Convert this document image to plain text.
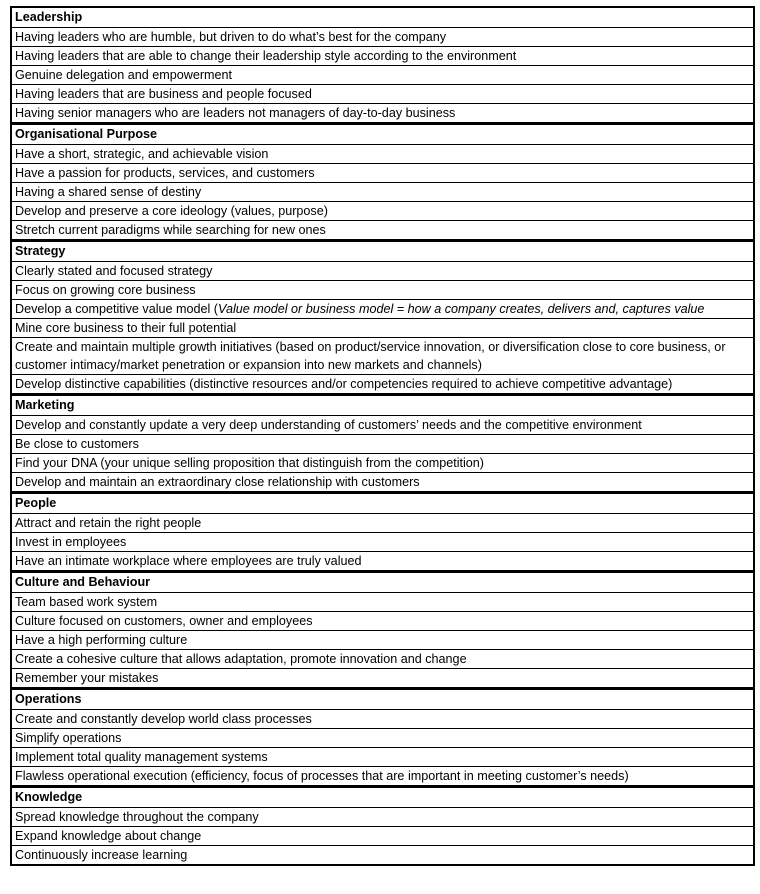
Leadership
Having leaders who are humble, but driven to do what’s best for the company
Having leaders that are able to change their leadership style according to the environment
Genuine delegation and empowerment
Having leaders that are business and people focused
Having senior managers who are leaders not managers of day-to-day business
Organisational Purpose
Have a short, strategic, and achievable vision
Have a passion for products, services, and customers
Having a shared sense of destiny
Develop and preserve a core ideology (values, purpose)
Stretch current paradigms while searching for new ones
Strategy
Clearly stated and focused strategy
Focus on growing core business
Develop a competitive value model (Value model or business model = how a company creates, delivers and, captures value
Mine core business to their full potential
Create and maintain multiple growth initiatives (based on product/service innovation, or diversification close to core business, or customer intimacy/market penetration or expansion into new markets and channels)
Develop distinctive capabilities (distinctive resources and/or competencies required to achieve competitive advantage)
Marketing
Develop and constantly update a very deep understanding of customers’ needs and the competitive environment
Be close to customers
Find your DNA (your unique selling proposition that distinguish from the competition)
Develop and maintain an extraordinary close relationship with customers
People
Attract and retain the right people
Invest in employees
Have an intimate workplace where employees are truly valued
Culture and Behaviour
Team based work system
Culture focused on customers, owner and employees
Have a high performing culture
Create a cohesive culture that allows adaptation, promote innovation and change
Remember your mistakes
Operations
Create and constantly develop world class processes
Simplify operations
Implement total quality management systems
Flawless operational execution (efficiency, focus of processes that are important in meeting customer’s needs)
Knowledge
Spread knowledge throughout the company
Expand knowledge about change
Continuously increase learning
